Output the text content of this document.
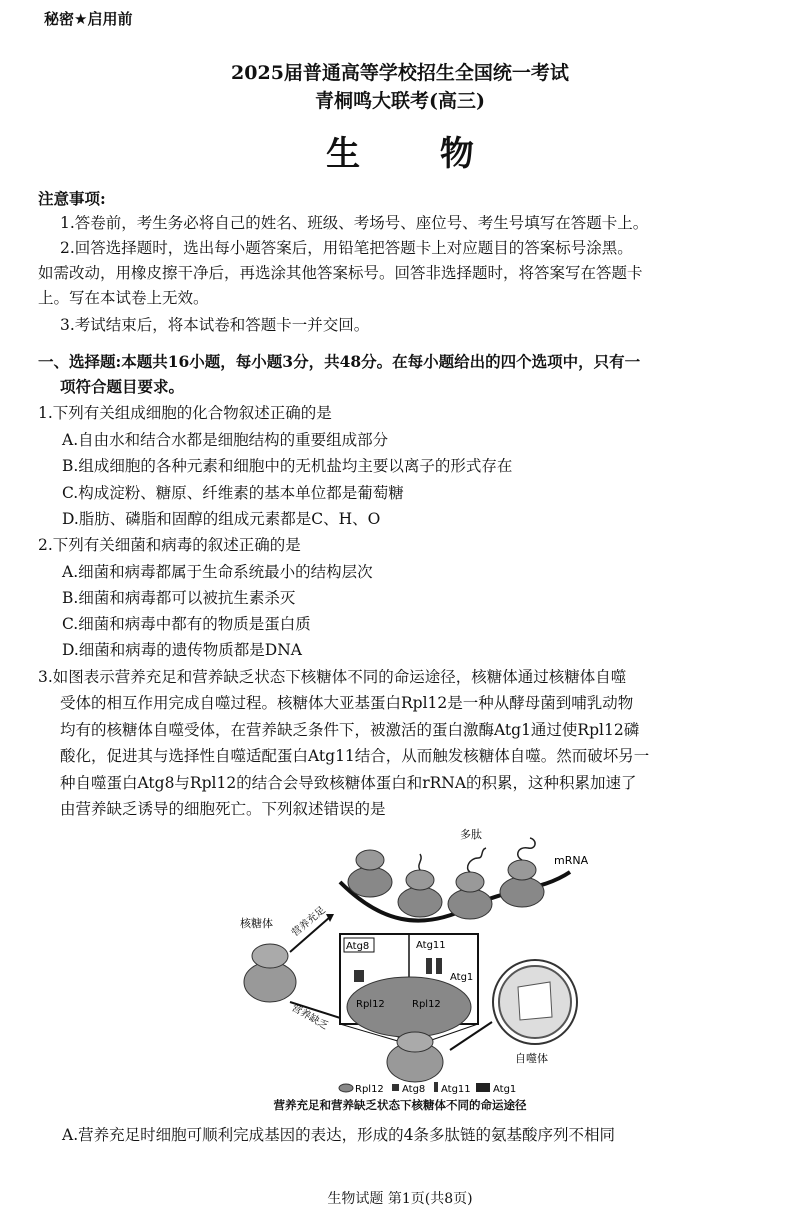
秘密★启用前
2025届普通高等学校招生全国统一考试
青桐鸣大联考(高三)
生 物
注意事项:
1.答卷前，考生务必将自己的姓名、班级、考场号、座位号、考生号填写在答题卡上。
2.回答选择题时，选出每小题答案后，用铅笔把答题卡上对应题目的答案标号涂黑。
如需改动，用橡皮擦干净后，再选涂其他答案标号。回答非选择题时，将答案写在答题卡
上。写在本试卷上无效。
3.考试结束后，将本试卷和答题卡一并交回。
一、选择题:本题共16小题，每小题3分，共48分。在每小题给出的四个选项中，只有一
项符合题目要求。
1.下列有关组成细胞的化合物叙述正确的是
A.自由水和结合水都是细胞结构的重要组成部分
B.组成细胞的各种元素和细胞中的无机盐均主要以离子的形式存在
C.构成淀粉、糖原、纤维素的基本单位都是葡萄糖
D.脂肪、磷脂和固醇的组成元素都是C、H、O
2.下列有关细菌和病毒的叙述正确的是
A.细菌和病毒都属于生命系统最小的结构层次
B.细菌和病毒都可以被抗生素杀灭
C.细菌和病毒中都有的物质是蛋白质
D.细菌和病毒的遗传物质都是DNA
3.如图表示营养充足和营养缺乏状态下核糖体不同的命运途径，核糖体通过核糖体自噬
受体的相互作用完成自噬过程。核糖体大亚基蛋白Rpl12是一种从酵母菌到哺乳动物
均有的核糖体自噬受体，在营养缺乏条件下，被激活的蛋白激酶Atg1通过使Rpl12磷
酸化，促进其与选择性自噬适配蛋白Atg11结合，从而触发核糖体自噬。然而破坏另一
种自噬蛋白Atg8与Rpl12的结合会导致核糖体蛋白和rRNA的积累，这种积累加速了
由营养缺乏诱导的细胞死亡。下列叙述错误的是
多肽
mRNA
核糖体 营养充足
营养缺乏
Atg8	Atg11
Atg1
Rpl12	Rpl12
自噬体
Rpl12 Atg8 Atg11 Atg1
营养充足和营养缺乏状态下核糖体不同的命运途径
A.营养充足时细胞可顺利完成基因的表达，形成的4条多肽链的氨基酸序列不相同
生物试题 第1页(共8页)
